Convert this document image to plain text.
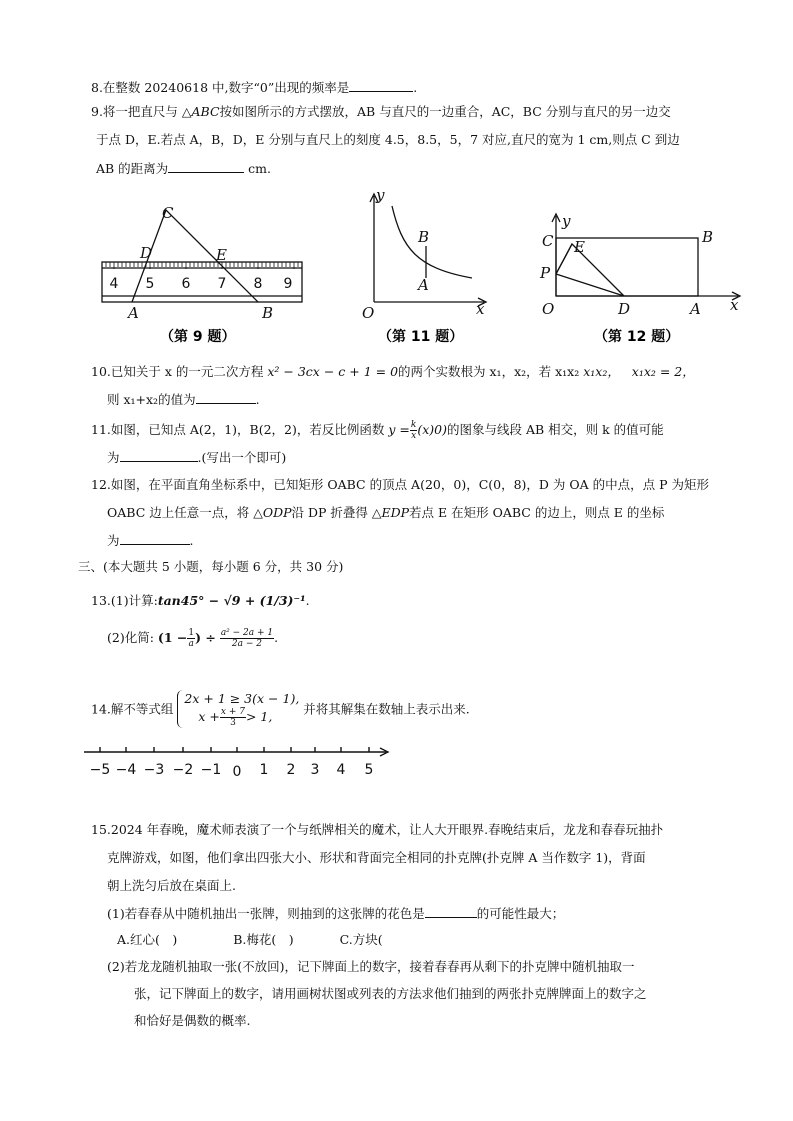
8.在整数 20240618 中,数字“0”出现的频率是	.
9.将一把直尺与 △ABC按如图所示的方式摆放，AB 与直尺的一边重合，AC，BC 分别与直尺的另一边交
于点 D，E.若点 A，B，D，E 分别与直尺上的刻度 4.5，8.5，5，7 对应,直尺的宽为 1 cm,则点 C 到边
AB 的距离为	cm.
C
D	E
A	B
4 5 6 7 8 9
（第 9 题）
y
x
O
B
A
（第 11 题）
y
x
O
C	B
E
P
D	A
（第 12 题）
10.已知关于 x 的一元二次方程 x² − 3cx − c + 1 = 0的两个实数根为 x₁，x₂，若 x₁x₂ x₁x₂， x₁x₂ = 2，
则 x₁+x₂的值为	.
11.如图，已知点 A(2，1)，B(2，2)，若反比例函数 $y = \frac{k}{x} (x)0$)的图象与线段 AB 相交，则 k 的值可能
为	.(写出一个即可)
12.如图，在平面直角坐标系中，已知矩形 OABC 的顶点 A(20，0)，C(0，8)，D 为 OA 的中点，点 P 为矩形
OABC 边上任意一点，将 △ODP沿 DP 折叠得 △EDP若点 E 在矩形 OABC 的边上，则点 E 的坐标
为	.
三、(本大题共 5 小题，每小题 6 分，共 30 分)
13.(1)计算:tan45° − √9 + (1/3)⁻¹.
(2)化简: ($1 - \frac{1}{a}$ ) ÷ $\frac{\text{a² − 2a + 1}}{2a - 2}$ .
14.解不等式组
2x + 1 ≥ 3(x − 1),
$x + \frac{x + 7}{3} > 1$,	并将其解集在数轴上表示出来.
−5 −4 −3 −2 −1 0 1 2 3 4 5
15.2024 年春晚，魔术师表演了一个与纸牌相关的魔术，让人大开眼界.春晚结束后，龙龙和春春玩抽扑
克牌游戏，如图，他们拿出四张大小、形状和背面完全相同的扑克牌(扑克牌 A 当作数字 1)，背面
朝上洗匀后放在桌面上.
(1)若春春从中随机抽出一张牌，则抽到的这张牌的花色是	的可能性最大；
A.红心(　)	B.梅花(　)	C.方块(
(2)若龙龙随机抽取一张(不放回)，记下牌面上的数字，接着春春再从剩下的扑克牌中随机抽取一
张，记下牌面上的数字，请用画树状图或列表的方法求他们抽到的两张扑克牌牌面上的数字之
和恰好是偶数的概率.
